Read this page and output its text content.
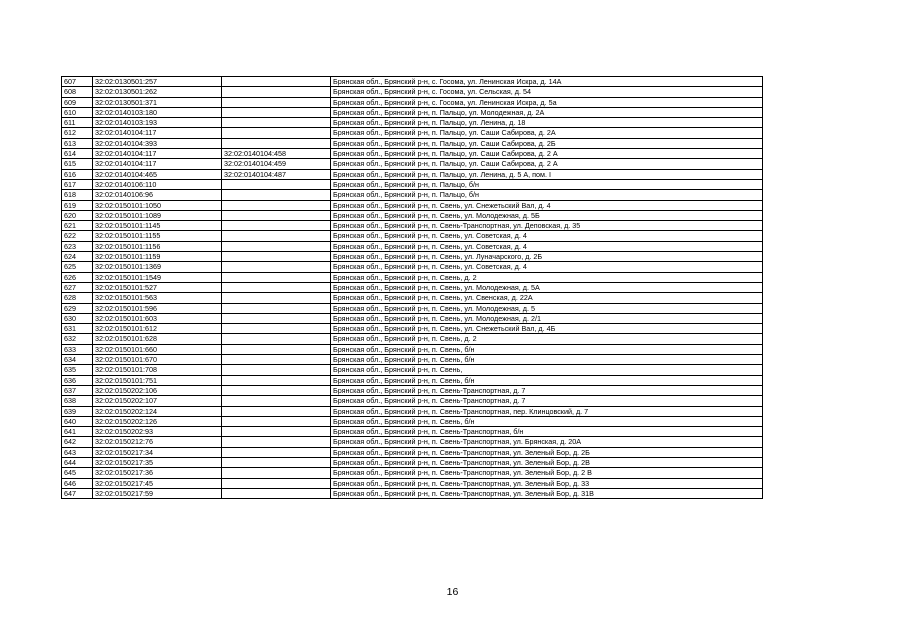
607	32:02:0130501:257		Брянская обл., Брянский р-н, с. Госома, ул. Ленинская Искра, д. 14А
608	32:02:0130501:262		Брянская обл., Брянский р-н, с. Госома, ул. Сельская, д. 54
609	32:02:0130501:371		Брянская обл., Брянский р-н, с. Госома, ул. Ленинская Искра, д. 5а
610	32:02:0140103:180		Брянская обл., Брянский р-н, п. Пальцо, ул. Молодежная, д. 2А
611	32:02:0140103:193		Брянская обл., Брянский р-н, п. Пальцо, ул. Ленина, д. 18
612	32:02:0140104:117		Брянская обл., Брянский р-н, п. Пальцо, ул. Саши Сабирова, д. 2А
613	32:02:0140104:393		Брянская обл., Брянский р-н, п. Пальцо, ул. Саши Сабирова, д. 2Б
614	32:02:0140104:117	32:02:0140104:458	Брянская обл., Брянский р-н, п. Пальцо, ул. Саши Сабирова, д. 2 А
615	32:02:0140104:117	32:02:0140104:459	Брянская обл., Брянский р-н, п. Пальцо, ул. Саши Сабирова, д. 2 А
616	32:02:0140104:465	32:02:0140104:487	Брянская обл., Брянский р-н, п. Пальцо, ул. Ленина, д. 5 А, пом. I
617	32:02:0140106:110		Брянская обл., Брянский р-н, п. Пальцо, б/н
618	32:02:0140106:96		Брянская обл., Брянский р-н, п. Пальцо, б/н
619	32:02:0150101:1050		Брянская обл., Брянский р-н, п. Свень, ул. Снежетьский Вал, д. 4
620	32:02:0150101:1089		Брянская обл., Брянский р-н, п. Свень, ул. Молодежная, д. 5Б
621	32:02:0150101:1145		Брянская обл., Брянский р-н, п. Свень-Транспортная, ул. Деповская, д. 35
622	32:02:0150101:1155		Брянская обл., Брянский р-н, п. Свень, ул. Советская, д. 4
623	32:02:0150101:1156		Брянская обл., Брянский р-н, п. Свень, ул. Советская, д. 4
624	32:02:0150101:1159		Брянская обл., Брянский р-н, п. Свень, ул. Луначарского, д. 2Б
625	32:02:0150101:1369		Брянская обл., Брянский р-н, п. Свень, ул. Советская, д. 4
626	32:02:0150101:1549		Брянская обл., Брянский р-н, п. Свень, д. 2
627	32:02:0150101:527		Брянская обл., Брянский р-н, п. Свень, ул. Молодежная, д. 5А
628	32:02:0150101:563		Брянская обл., Брянский р-н, п. Свень, ул. Свенская, д. 22А
629	32:02:0150101:596		Брянская обл., Брянский р-н, п. Свень, ул. Молодежная, д. 5
630	32:02:0150101:603		Брянская обл., Брянский р-н, п. Свень, ул. Молодежная, д. 2/1
631	32:02:0150101:612		Брянская обл., Брянский р-н, п. Свень, ул. Снежетьский Вал, д. 4Б
632	32:02:0150101:628		Брянская обл., Брянский р-н, п. Свень, д. 2
633	32:02:0150101:660		Брянская обл., Брянский р-н, п. Свень, б/н
634	32:02:0150101:670		Брянская обл., Брянский р-н, п. Свень, б/н
635	32:02:0150101:708		Брянская обл., Брянский р-н, п. Свень,
636	32:02:0150101:751		Брянская обл., Брянский р-н, п. Свень, б/н
637	32:02:0150202:106		Брянская обл., Брянский р-н, п. Свень-Транспортная, д. 7
638	32:02:0150202:107		Брянская обл., Брянский р-н, п. Свень-Транспортная, д. 7
639	32:02:0150202:124		Брянская обл., Брянский р-н, п. Свень-Транспортная, пер. Клинцовский, д. 7
640	32:02:0150202:126		Брянская обл., Брянский р-н, п. Свень, б/н
641	32:02:0150202:93		Брянская обл., Брянский р-н, п. Свень-Транспортная, б/н
642	32:02:0150212:76		Брянская обл., Брянский р-н, п. Свень-Транспортная, ул. Брянская, д. 20А
643	32:02:0150217:34		Брянская обл., Брянский р-н, п. Свень-Транспортная, ул. Зеленый Бор, д. 2Б
644	32:02:0150217:35		Брянская обл., Брянский р-н, п. Свень-Транспортная, ул. Зеленый Бор, д. 2В
645	32:02:0150217:36		Брянская обл., Брянский р-н, п. Свень-Транспортная, ул. Зеленый Бор, д. 2 В
646	32:02:0150217:45		Брянская обл., Брянский р-н, п. Свень-Транспортная, ул. Зеленый Бор, д. 33
647	32:02:0150217:59		Брянская обл., Брянский р-н, п. Свень-Транспортная, ул. Зеленый Бор, д. 31В
16
